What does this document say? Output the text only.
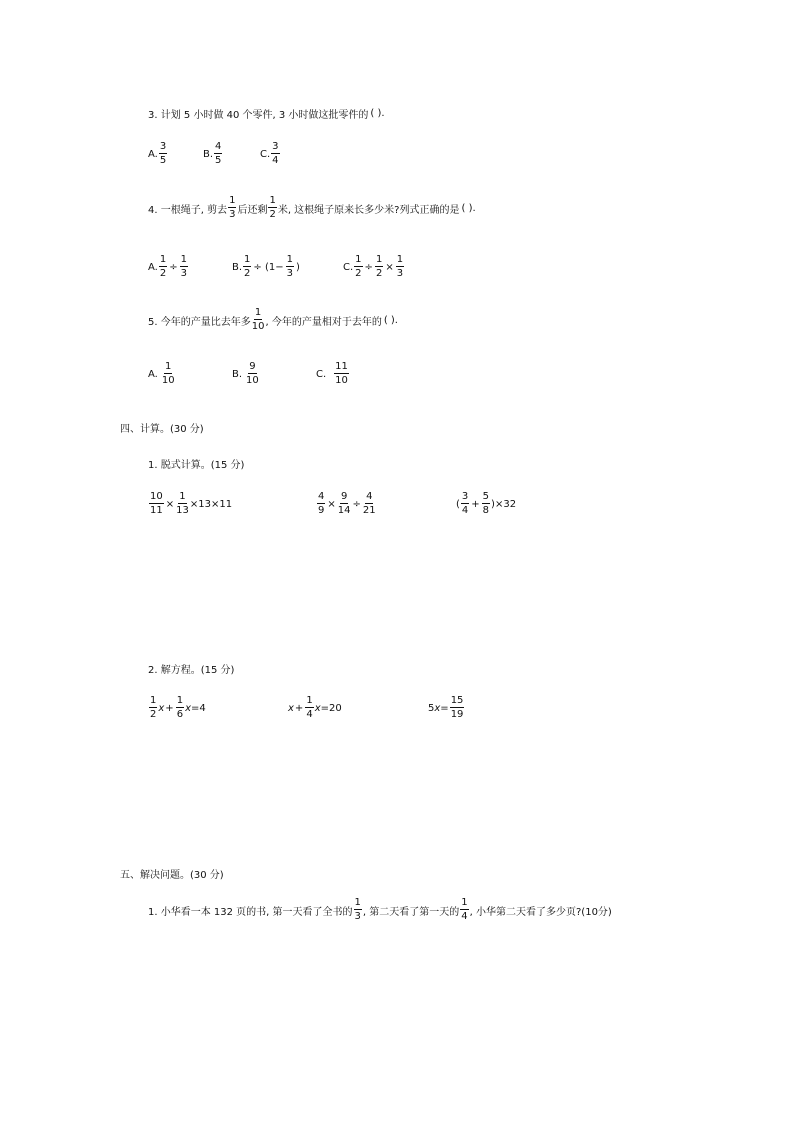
3. 计划 5 小时做 40 个零件, 3 小时做这批零件的 ( ).
A. $\frac{3}{5}$	B. $\frac{4}{5}$	C. $\frac{3}{4}$
4. 一根绳子, 剪去 $\frac{1}{3}$ 后还剩 $\frac{1}{2}$ 米, 这根绳子原来长多少米?列式正确的是 ( ).
A. $\frac{1}{2} \div \frac{1}{3}$	B. $\frac{1}{2} \div (1- \frac{1}{3}$ )	C. $\frac{1}{2} \div \frac{1}{2} \times \frac{1}{3}$
5. 今年的产量比去年多 $\frac{1}{10}$ , 今年的产量相对于去年的 ( ).
A. $\frac{1}{10}$	B. $\frac{9}{10}$	C. $\frac{11}{10}$
四、计算。(30 分)
1. 脱式计算。(15 分)
$\frac{10}{11} \times \frac{1}{13} \times 13\times 11$	$\frac{4}{9} \times \frac{9}{14} \div \frac{4}{21}$	( $\frac{3}{4} + \frac{5}{8} )\times 32$
2. 解方程。(15 分)
$\frac{1}{2}$ $x + \frac{1}{6}$ x =4	$x + \frac{1}{4}$ x =20	5 $x = \frac{15}{19}$
五、解决问题。(30 分)
1. 小华看一本 132 页的书, 第一天看了全书的 $\frac{1}{3}$ , 第二天看了第一天的 $\frac{1}{4}$ , 小华第二天看了多少页?(10分)
